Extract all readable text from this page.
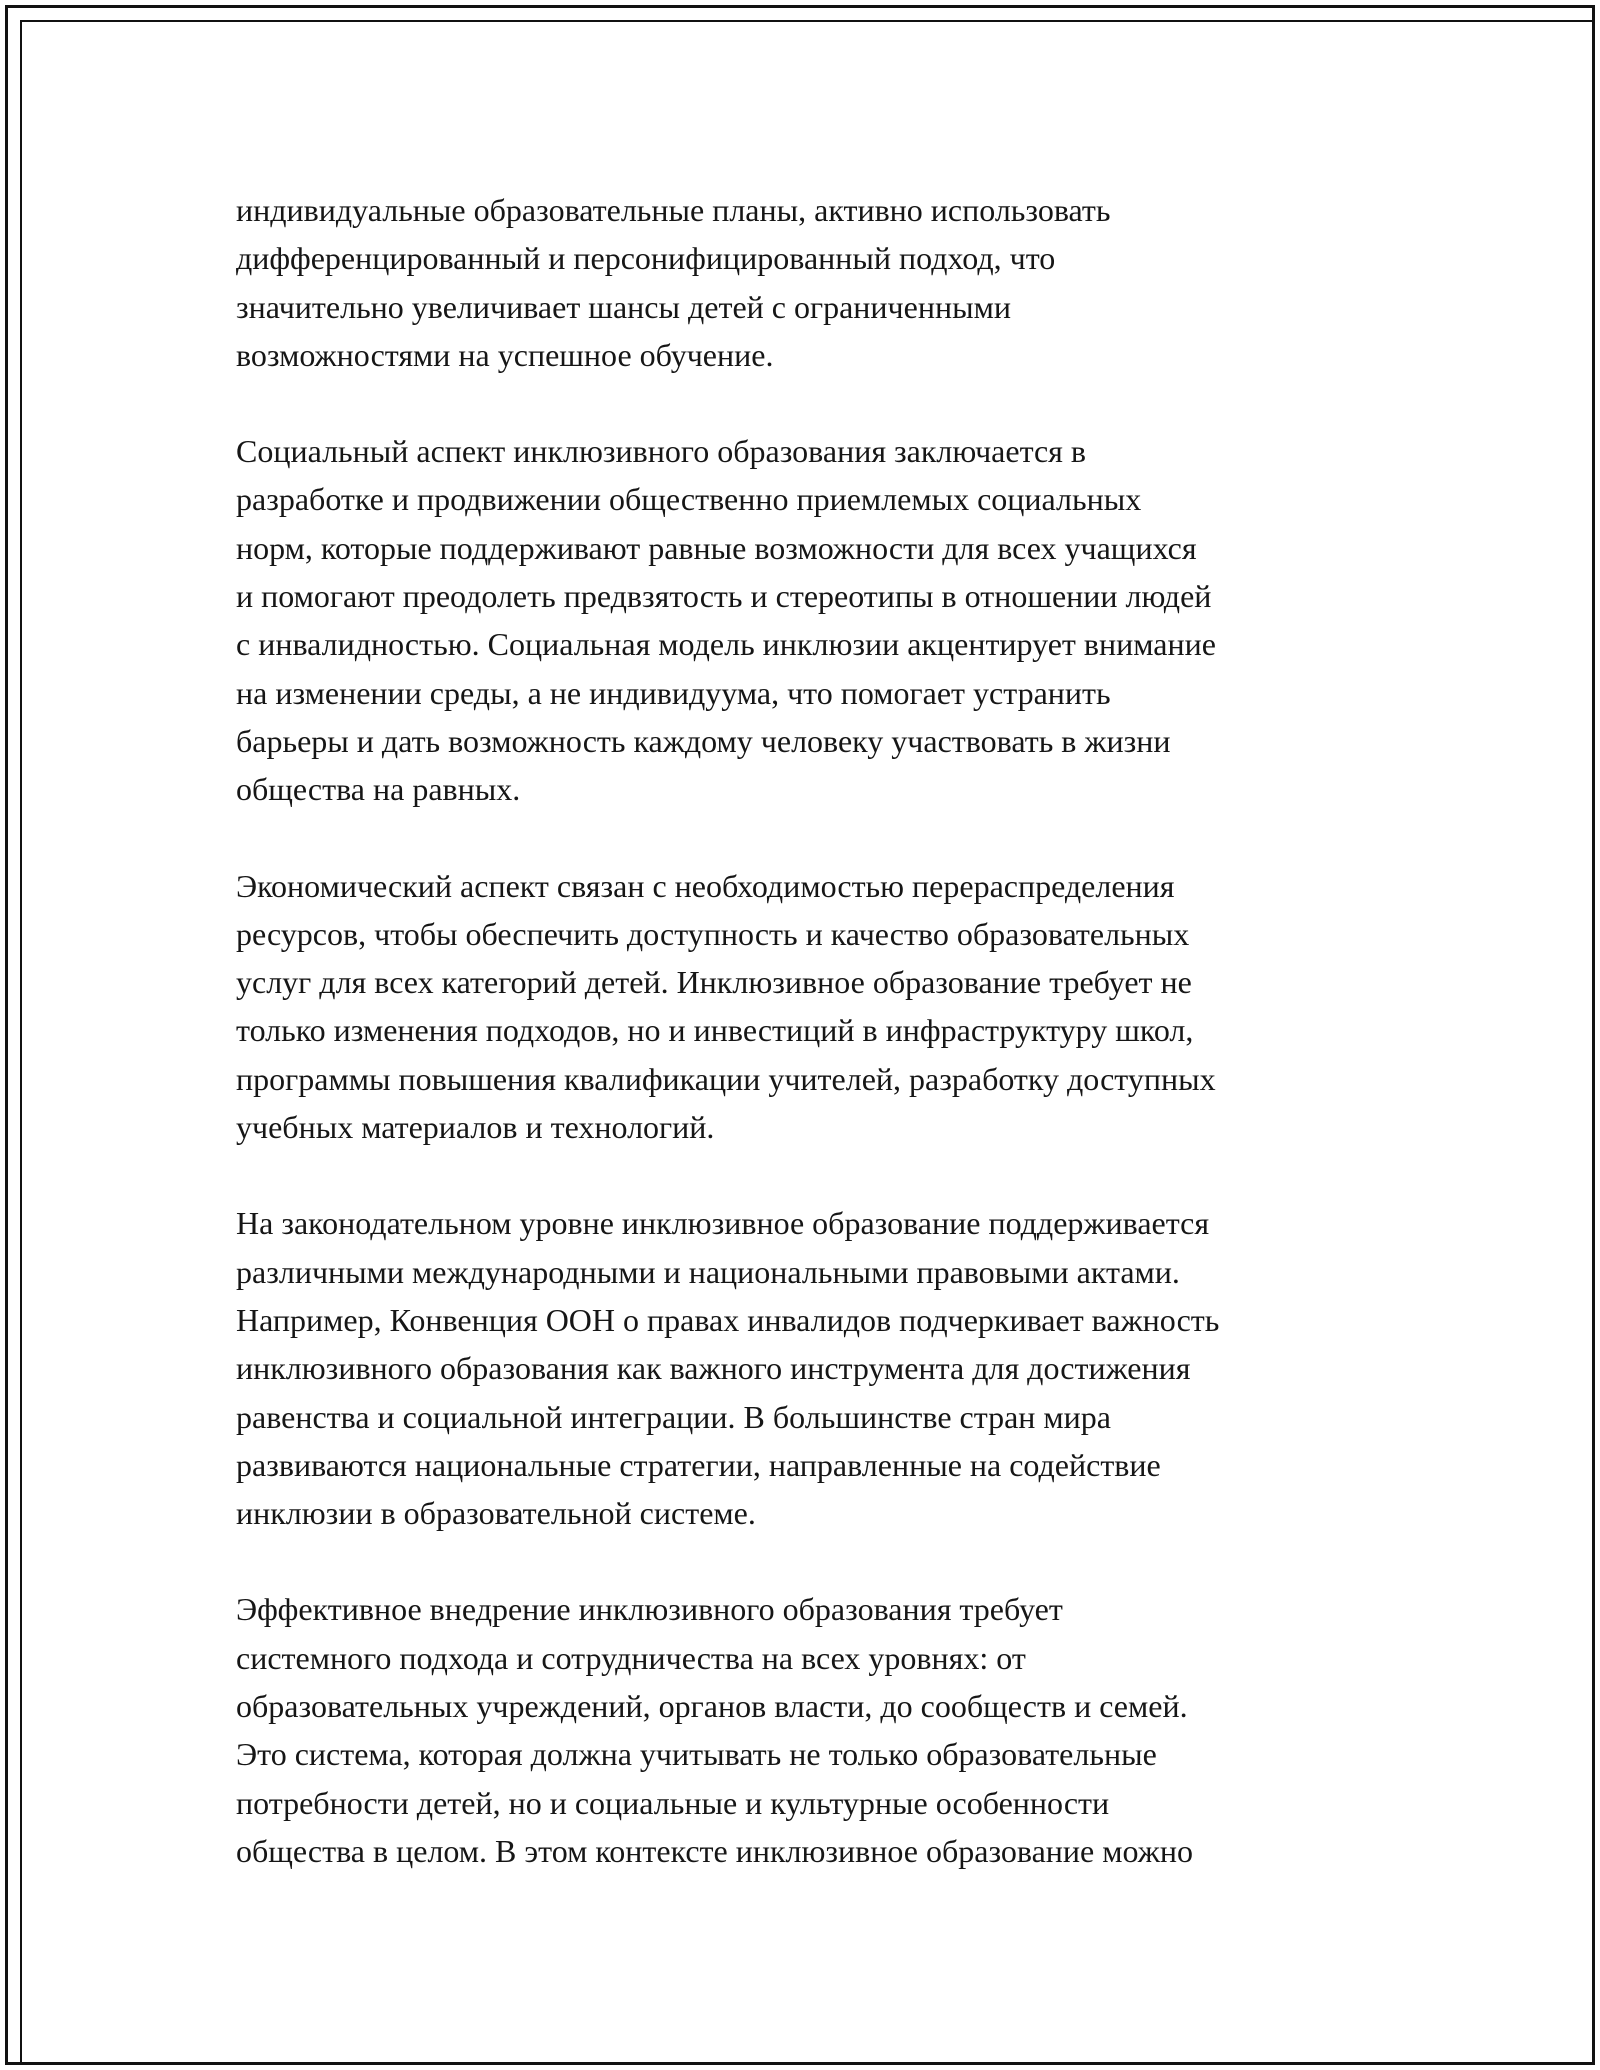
индивидуальные образовательные планы, активно использовать
дифференцированный и персонифицированный подход, что
значительно увеличивает шансы детей с ограниченными
возможностями на успешное обучение.

Социальный аспект инклюзивного образования заключается в
разработке и продвижении общественно приемлемых социальных
норм, которые поддерживают равные возможности для всех учащихся
и помогают преодолеть предвзятость и стереотипы в отношении людей
с инвалидностью. Социальная модель инклюзии акцентирует внимание
на изменении среды, а не индивидуума, что помогает устранить
барьеры и дать возможность каждому человеку участвовать в жизни
общества на равных.

Экономический аспект связан с необходимостью перераспределения
ресурсов, чтобы обеспечить доступность и качество образовательных
услуг для всех категорий детей. Инклюзивное образование требует не
только изменения подходов, но и инвестиций в инфраструктуру школ,
программы повышения квалификации учителей, разработку доступных
учебных материалов и технологий.

На законодательном уровне инклюзивное образование поддерживается
различными международными и национальными правовыми актами.
Например, Конвенция ООН о правах инвалидов подчеркивает важность
инклюзивного образования как важного инструмента для достижения
равенства и социальной интеграции. В большинстве стран мира
развиваются национальные стратегии, направленные на содействие
инклюзии в образовательной системе.

Эффективное внедрение инклюзивного образования требует
системного подхода и сотрудничества на всех уровнях: от
образовательных учреждений, органов власти, до сообществ и семей.
Это система, которая должна учитывать не только образовательные
потребности детей, но и социальные и культурные особенности
общества в целом. В этом контексте инклюзивное образование можно
